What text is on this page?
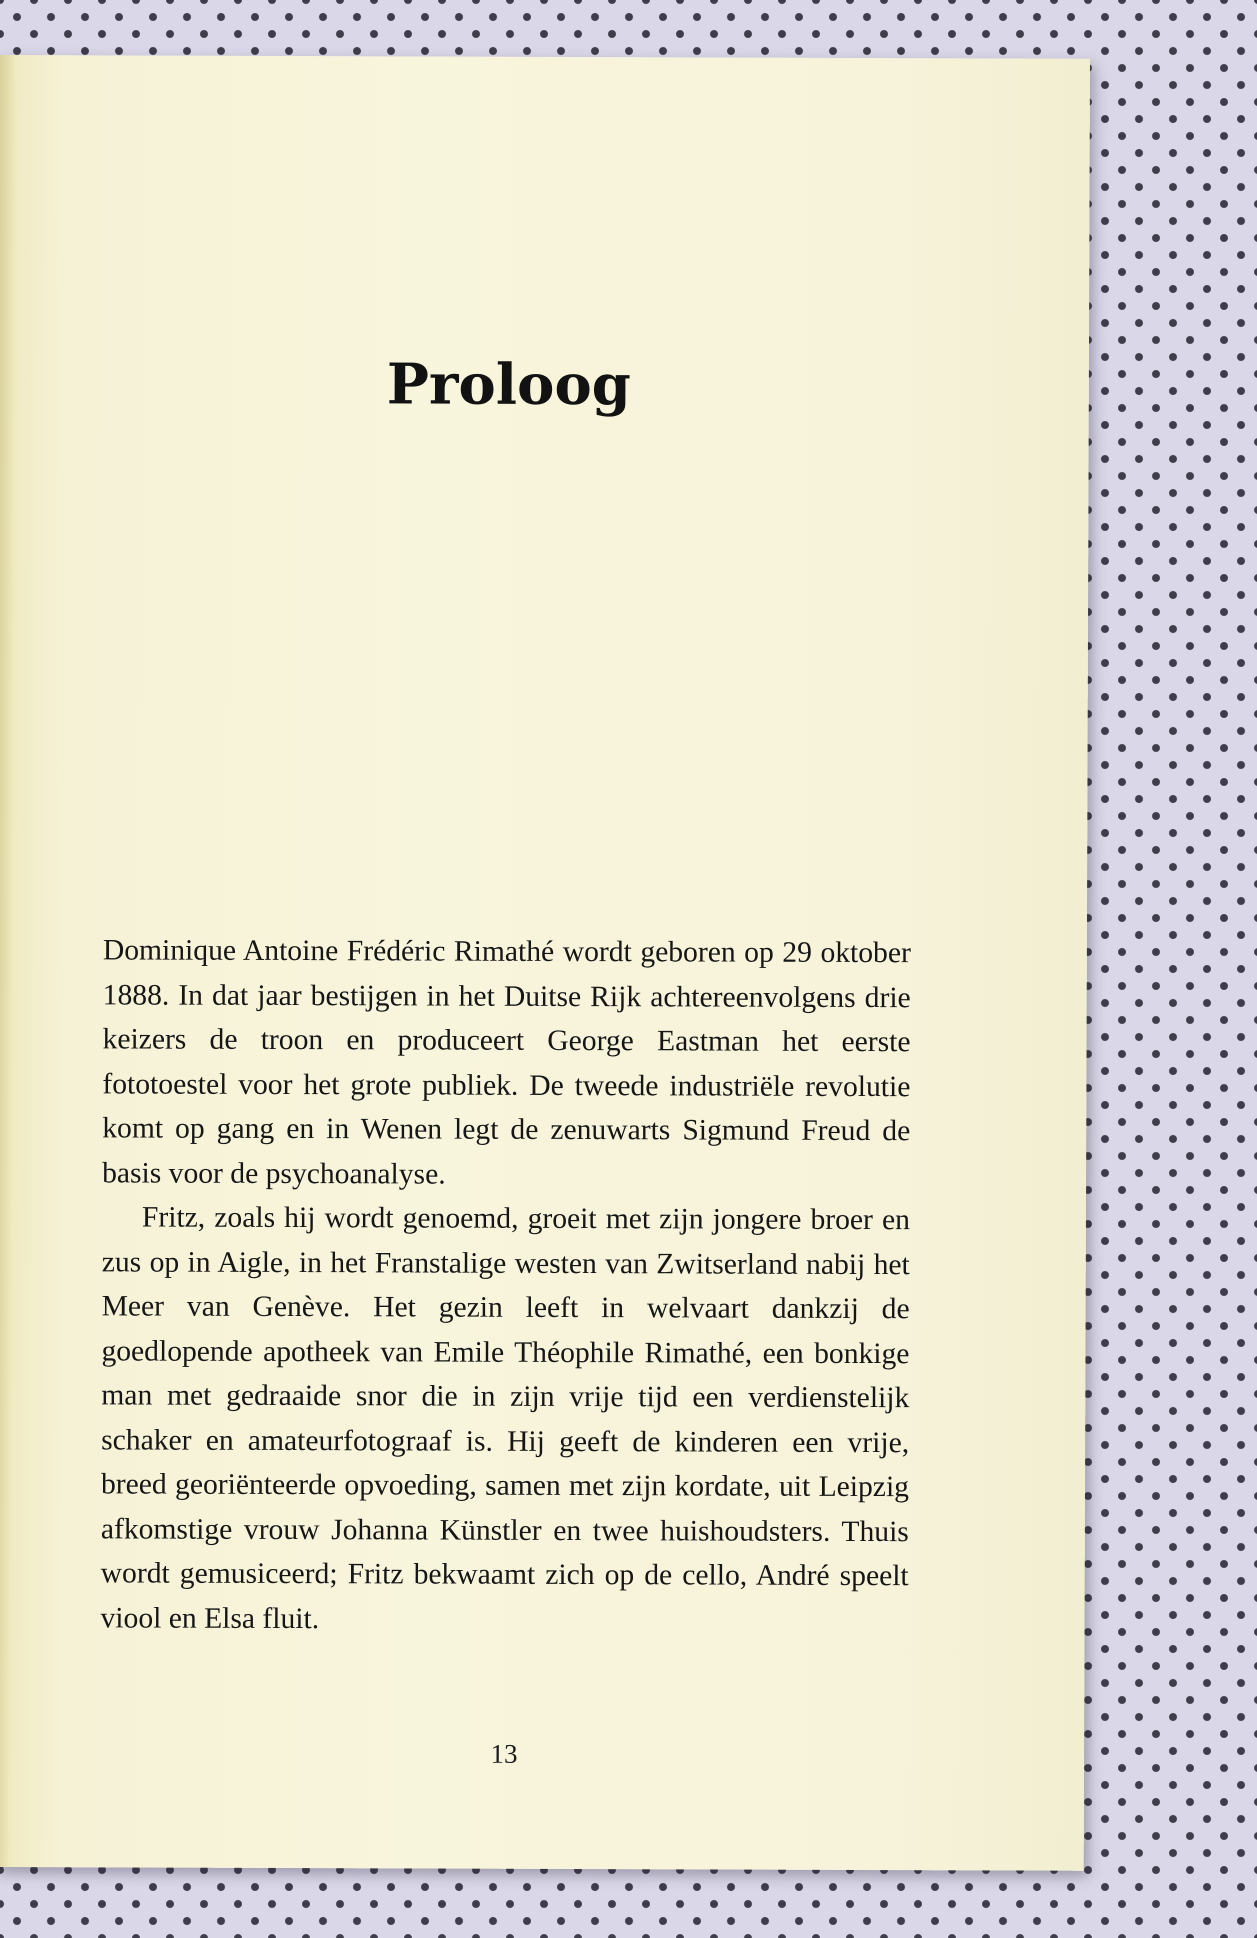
Proloog

Dominique Antoine Frédéric Rimathé wordt geboren op 29 oktober 1888. In dat jaar bestijgen in het Duitse Rijk achtereenvolgens drie keizers de troon en produceert George Eastman het eerste fototoestel voor het grote publiek. De tweede industriële revolutie komt op gang en in Wenen legt de zenuwarts Sigmund Freud de basis voor de psychoanalyse.

Fritz, zoals hij wordt genoemd, groeit met zijn jongere broer en zus op in Aigle, in het Franstalige westen van Zwitserland nabij het Meer van Genève. Het gezin leeft in welvaart dankzij de goedlopende apotheek van Emile Théophile Rimathé, een bonkige man met gedraaide snor die in zijn vrije tijd een verdienstelijk schaker en amateurfotograaf is. Hij geeft de kinderen een vrije, breed georiënteerde opvoeding, samen met zijn kordate, uit Leipzig afkomstige vrouw Johanna Künstler en twee huishoudsters. Thuis wordt gemusiceerd; Fritz bekwaamt zich op de cello, André speelt viool en Elsa fluit.

13
